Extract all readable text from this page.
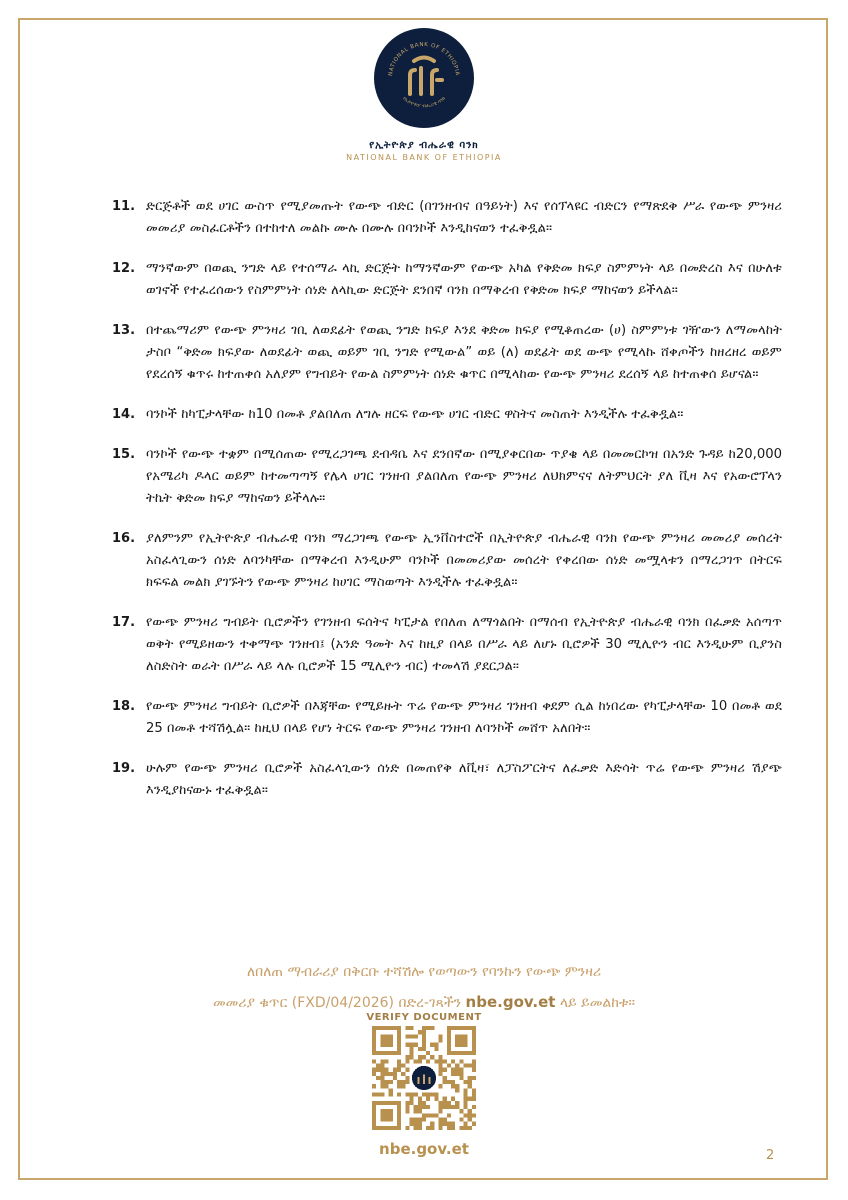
NATIONAL BANK OF ETHIOPIA
የኢትዮጵያ ብሔራዊ ባንክ
የኢትዮጵያ ብሔራዊ ባንክ
NATIONAL BANK OF ETHIOPIA
11. ድርጅቶች ወደ ሀገር ውስጥ የሚያመጡት የውጭ ብድር (በገንዘብና በዓይነት) እና የሰፕላዩር ብድርን የማጽደቅ ሥራ የውጭ ምንዛሪ መመሪያ መስፈርቶችን በተከተለ መልኩ ሙሉ በሙሉ በባንኮች እንዲከናወን ተፈቅዷል።
12. ማንኛውም በወጪ ንግድ ላይ የተሰማራ ላኪ ድርጅት ከማንኛውም የውጭ አካል የቅድመ ክፍያ ስምምነት ላይ በመድረስ እና በሁለቱ ወገኖች የተፈረሰውን የስምምነት ሰነድ ለላኪው ድርጅት ደንበኛ ባንክ በማቅረብ የቅድመ ክፍያ ማከናወን ይችላል።
13. በተጨማሪም የውጭ ምንዛሪ ገቢ ለወደፊት የወጪ ንግድ ክፍያ እንደ ቅድመ ክፍያ የሚቆጠረው (ሀ) ስምምነቱ ገዥውን ለማመላከት ታስቦ “ቅድመ ክፍያው ለወደፊት ወጪ ወይም ገቢ ንግድ የሚውል” ወይ (ለ) ወደፊት ወደ ውጭ የሚላኩ ሸቀጦችን ከዘረዘረ ወይም የደረሰኝ ቁጥሩ ከተጠቀሰ አለያም የግብይት የውል ስምምነት ሰነድ ቁጥር በሚላከው የውጭ ምንዛሪ ደረሰኝ ላይ ከተጠቀሰ ይሆናል።
14. ባንኮች ከካፒታላቸው ከ10 በመቶ ያልበለጠ ለግሉ ዘርፍ የውጭ ሀገር ብድር ዋስትና መስጠት እንዲችሉ ተፈቅዷል።
15. ባንኮች የውጭ ተቋም በሚሰጠው የሚረጋገጫ ደብዳቤ እና ደንበኛው በሚያቀርበው ጥያቄ ላይ በመመርኮዝ በአንድ ጉዳይ ከ20,000 የአሜሪካ ዶላር ወይም ከተመጣጣኝ የሌላ ሀገር ገንዘብ ያልበለጠ የውጭ ምንዛሪ ለህክምናና ለትምህርት ያለ ቪዛ እና የአውሮፕላን ትኬት ቅድመ ክፍያ ማከናወን ይችላሉ።
16. ያለምንም የኢትዮጵያ ብሔራዊ ባንክ ማረጋገጫ የውጭ ኢንቨስተሮች በኢትዮጵያ ብሔራዊ ባንክ የውጭ ምንዛሪ መመሪያ መሰረት አስፈላጊውን ሰነድ ለባንካቸው በማቅረብ እንዲሁም ባንኮች በመመሪያው መሰረት የቀረበው ሰነድ መሟላቱን በማረጋገጥ በትርፍ ክፍፍል መልክ ያገኙትን የውጭ ምንዛሪ ከሀገር ማስወጣት እንዲችሉ ተፈቅዷል።
17. የውጭ ምንዛሪ ግብይት ቢሮዎችን የገንዘብ ፍሰትና ካፒታል የበለጠ ለማጎልበት በማሰብ የኢትዮጵያ ብሔራዊ ባንክ በፈቃድ አሰጣጥ ወቅት የሚይዘውን ተቀማጭ ገንዘብ፤ (አንድ ዓመት እና ከዚያ በላይ በሥራ ላይ ለሆኑ ቢሮዎች 30 ሚሊዮን ብር እንዲሁም ቢያንስ ለስድስት ወራት በሥራ ላይ ላሉ ቢሮዎች 15 ሚሊዮን ብር) ተመላሽ ያደርጋል።
18. የውጭ ምንዛሪ ግብይት ቢሮዎች በእጃቸው የሚይዙት ጥሬ የውጭ ምንዛሪ ገንዘብ ቀደም ሲል ከነበረው የካፒታላቸው 10 በመቶ ወደ 25 በመቶ ተሻሽሏል። ከዚህ በላይ የሆነ ትርፍ የውጭ ምንዛሪ ገንዘብ ለባንኮች መሸጥ አለበት።
19. ሁሉም የውጭ ምንዛሪ ቢሮዎች አስፈላጊውን ሰነድ በመጠየቅ ለቪዛ፣ ለፓስፖርትና ለፈቃድ እድሳት ጥሬ የውጭ ምንዛሪ ሽያጭ እንዲያከናውኑ ተፈቅዷል።
ለበለጠ ማብራሪያ በቅርቡ ተሻሽሎ የወጣውን የባንኩን የውጭ ምንዛሪ
መመሪያ ቁጥር (FXD/04/2026) በድረ-ገጻችን nbe.gov.et ላይ ይመልከቱ።
VERIFY DOCUMENT
nbe.gov.et	2
